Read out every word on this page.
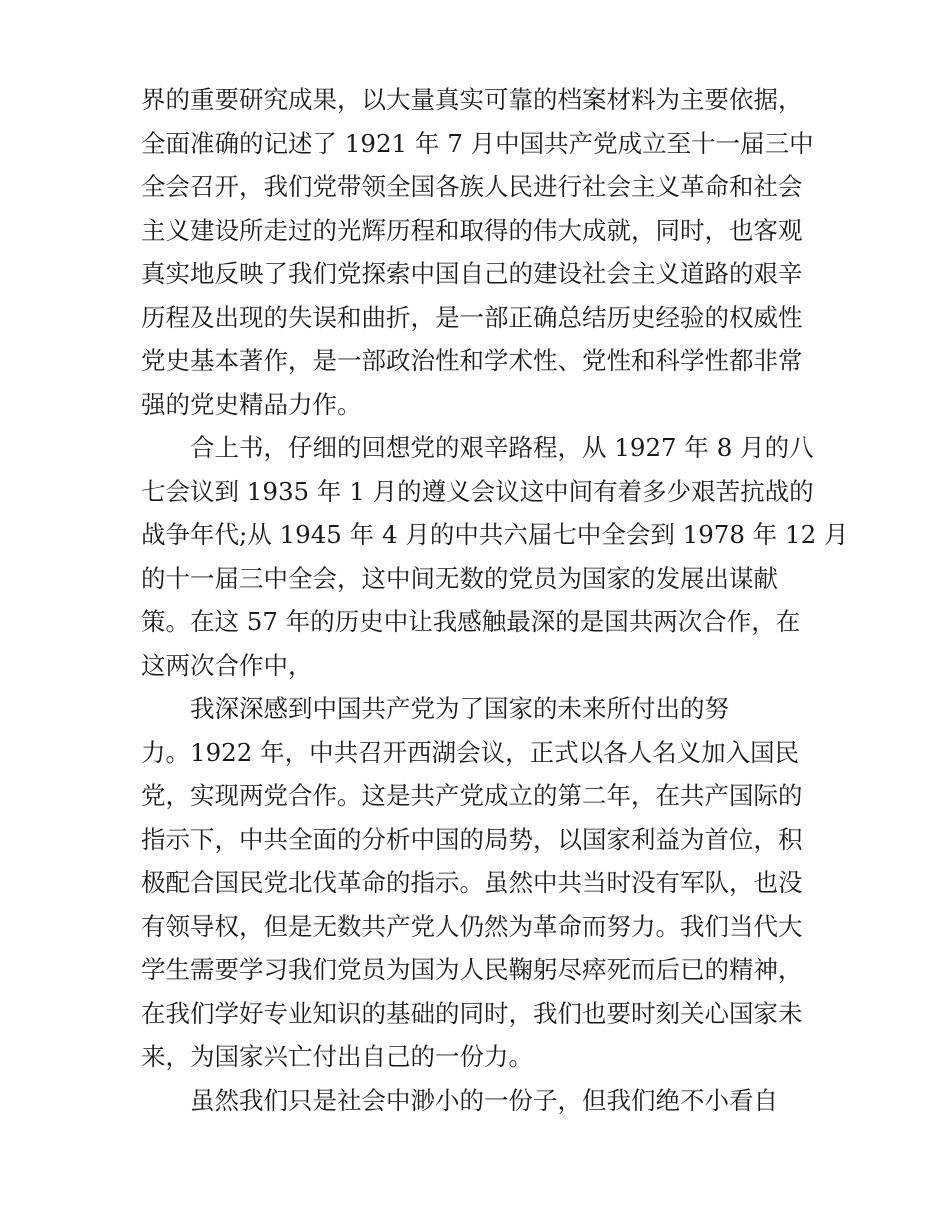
界的重要研究成果，以大量真实可靠的档案材料为主要依据，
全面准确的记述了 1921 年 7 月中国共产党成立至十一届三中
全会召开，我们党带领全国各族人民进行社会主义革命和社会
主义建设所走过的光辉历程和取得的伟大成就，同时，也客观
真实地反映了我们党探索中国自己的建设社会主义道路的艰辛
历程及出现的失误和曲折，是一部正确总结历史经验的权威性
党史基本著作，是一部政治性和学术性、党性和科学性都非常
强的党史精品力作。
合上书，仔细的回想党的艰辛路程，从 1927 年 8 月的八
七会议到 1935 年 1 月的遵义会议这中间有着多少艰苦抗战的
战争年代;从 1945 年 4 月的中共六届七中全会到 1978 年 12 月
的十一届三中全会，这中间无数的党员为国家的发展出谋献
策。在这 57 年的历史中让我感触最深的是国共两次合作，在
这两次合作中，
我深深感到中国共产党为了国家的未来所付出的努
力。1922 年，中共召开西湖会议，正式以各人名义加入国民
党，实现两党合作。这是共产党成立的第二年，在共产国际的
指示下，中共全面的分析中国的局势，以国家利益为首位，积
极配合国民党北伐革命的指示。虽然中共当时没有军队，也没
有领导权，但是无数共产党人仍然为革命而努力。我们当代大
学生需要学习我们党员为国为人民鞠躬尽瘁死而后已的精神，
在我们学好专业知识的基础的同时，我们也要时刻关心国家未
来，为国家兴亡付出自己的一份力。
虽然我们只是社会中渺小的一份子，但我们绝不小看自
